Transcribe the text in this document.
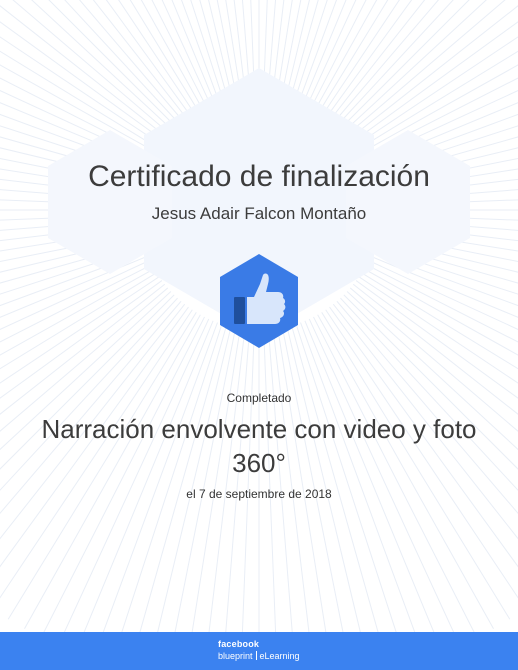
Certificado de finalización
Jesus Adair Falcon Montaño
Completado
Narración envolvente con video y foto 360°
el 7 de septiembre de 2018
facebook
blueprint eLearning
